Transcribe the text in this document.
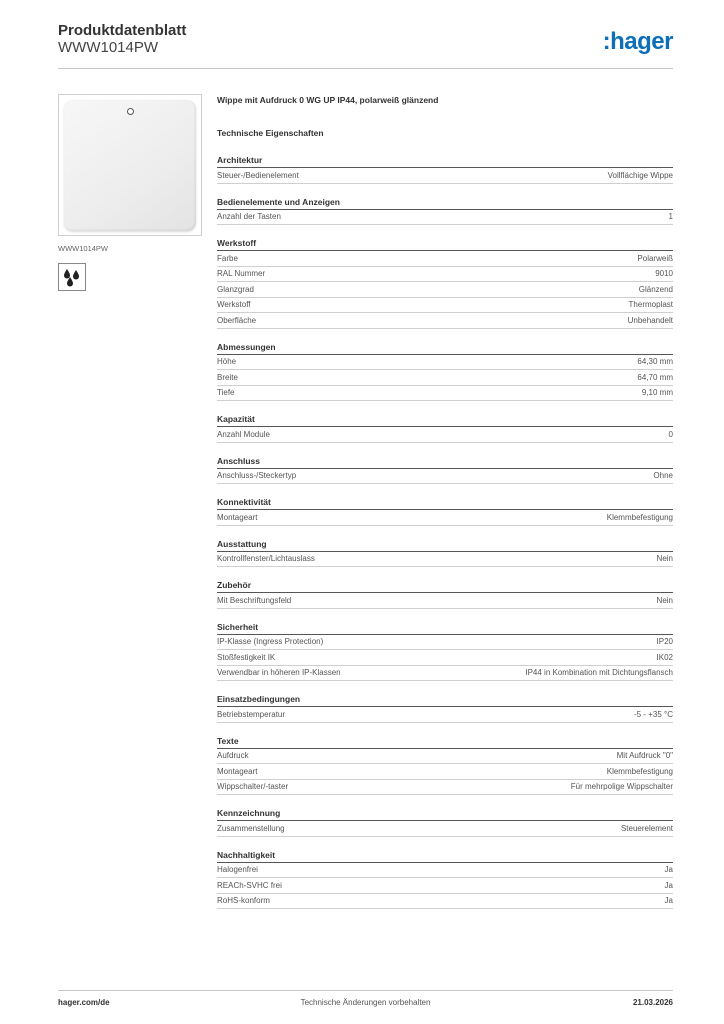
Produktdatenblatt
WWW1014PW	:hager
WWW1014PW
Wippe mit Aufdruck 0 WG UP IP44, polarweiß glänzend
Technische Eigenschaften
Architektur
Steuer-/Bedienelement	Vollflächige Wippe
Bedienelemente und Anzeigen
Anzahl der Tasten	1
Werkstoff
Farbe	Polarweiß
RAL Nummer	9010
Glanzgrad	Glänzend
Werkstoff	Thermoplast
Oberfläche	Unbehandelt
Abmessungen
Höhe	64,30 mm
Breite	64,70 mm
Tiefe	9,10 mm
Kapazität
Anzahl Module	0
Anschluss
Anschluss-/Steckertyp	Ohne
Konnektivität
Montageart	Klemmbefestigung
Ausstattung
Kontrollfenster/Lichtauslass	Nein
Zubehör
Mit Beschriftungsfeld	Nein
Sicherheit
IP-Klasse (Ingress Protection)	IP20
Stoßfestigkeit IK	IK02
Verwendbar in höheren IP-Klassen	IP44 in Kombination mit Dichtungsflansch
Einsatzbedingungen
Betriebstemperatur	-5 - +35 °C
Texte
Aufdruck	Mit Aufdruck "0"
Montageart	Klemmbefestigung
Wippschalter/-taster	Für mehrpolige Wippschalter
Kennzeichnung
Zusammenstellung	Steuerelement
Nachhaltigkeit
Halogenfrei	Ja
REACh-SVHC frei	Ja
RoHS-konform	Ja
hager.com/de	Technische Änderungen vorbehalten	21.03.2026
